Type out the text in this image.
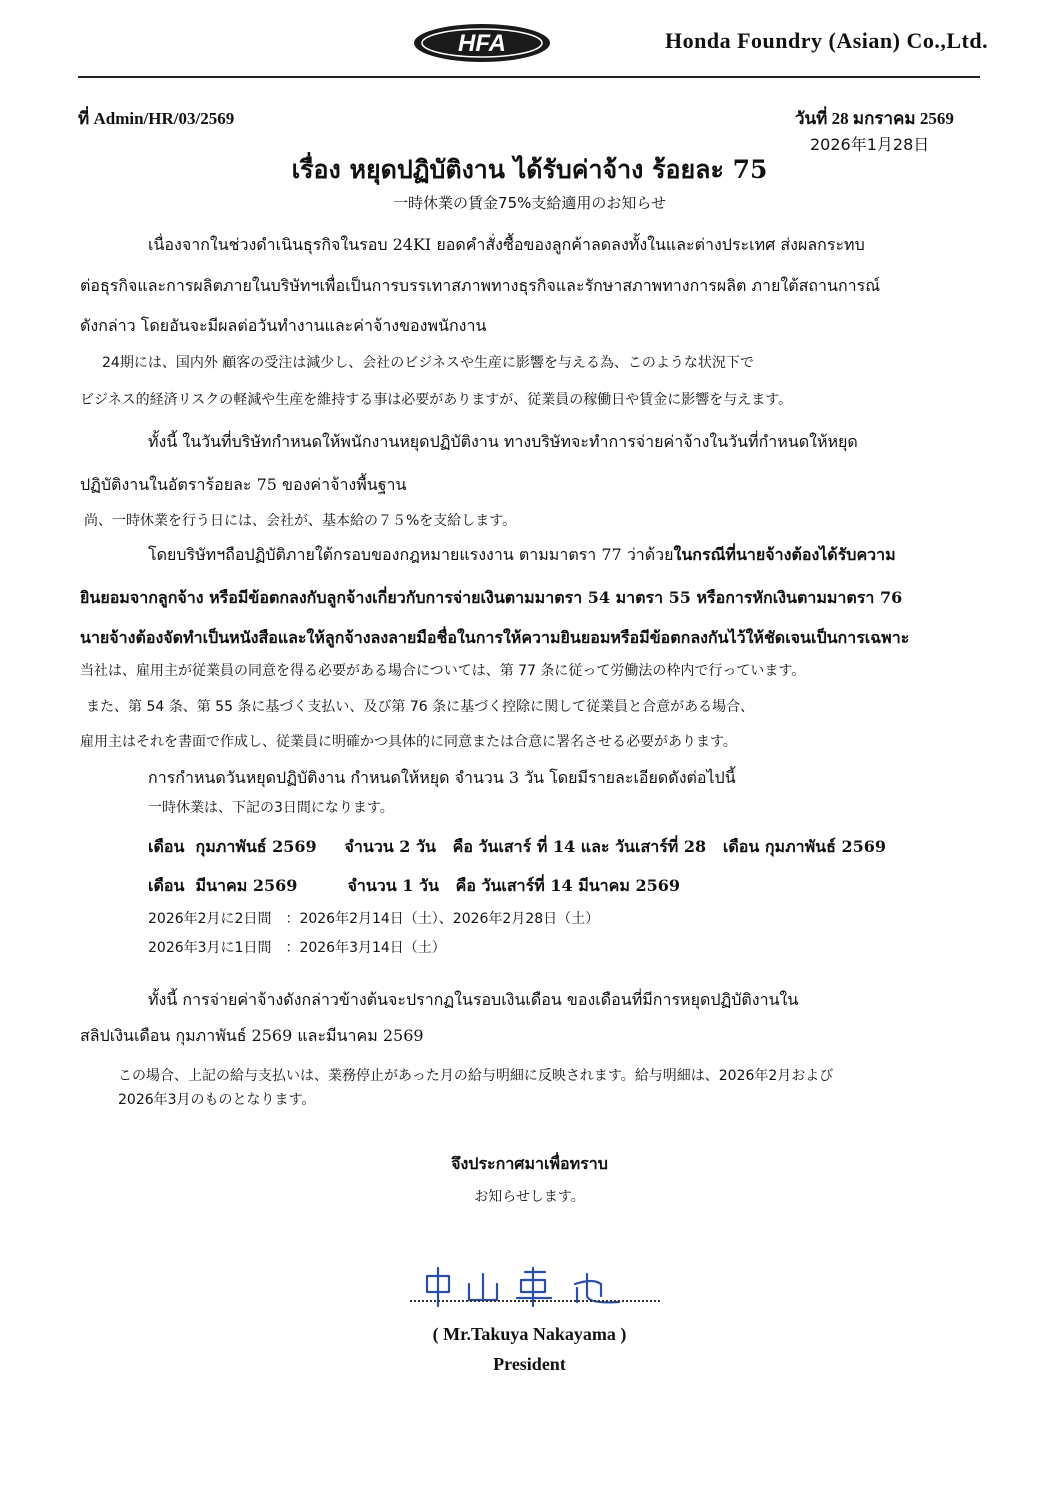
HFA	Honda Foundry (Asian) Co.,Ltd.
ที่ Admin/HR/03/2569	วันที่ 28 มกราคม 2569
2026年1月28日
เรื่อง หยุดปฏิบัติงาน ได้รับค่าจ้าง ร้อยละ 75
一時休業の賃金75%支給適用のお知らせ
เนื่องจากในช่วงดำเนินธุรกิจในรอบ 24KI ยอดคำสั่งซื้อของลูกค้าลดลงทั้งในและต่างประเทศ ส่งผลกระทบ
ต่อธุรกิจและการผลิตภายในบริษัทฯเพื่อเป็นการบรรเทาสภาพทางธุรกิจและรักษาสภาพทางการผลิต ภายใต้สถานการณ์
ดังกล่าว โดยอันจะมีผลต่อวันทำงานและค่าจ้างของพนักงาน
24期には、国内外 顧客の受注は減少し、会社のビジネスや生産に影響を与える為、このような状況下で
ビジネス的経済リスクの軽減や生産を維持する事は必要がありますが、従業員の稼働日や賃金に影響を与えます。
ทั้งนี้ ในวันที่บริษัทกำหนดให้พนักงานหยุดปฏิบัติงาน ทางบริษัทจะทำการจ่ายค่าจ้างในวันที่กำหนดให้หยุด
ปฏิบัติงานในอัตราร้อยละ 75 ของค่าจ้างพื้นฐาน
尚、一時休業を行う日には、会社が、基本給の７５%を支給します。
โดยบริษัทฯถือปฏิบัติภายใต้กรอบของกฎหมายแรงงาน ตามมาตรา 77 ว่าด้วยในกรณีที่นายจ้างต้องได้รับความ
ยินยอมจากลูกจ้าง หรือมีข้อตกลงกับลูกจ้างเกี่ยวกับการจ่ายเงินตามมาตรา 54 มาตรา 55 หรือการหักเงินตามมาตรา 76
นายจ้างต้องจัดทำเป็นหนังสือและให้ลูกจ้างลงลายมือชื่อในการให้ความยินยอมหรือมีข้อตกลงกันไว้ให้ชัดเจนเป็นการเฉพาะ
当社は、雇用主が従業員の同意を得る必要がある場合については、第 77 条に従って労働法の枠内で行っています。
また、第 54 条、第 55 条に基づく支払い、及び第 76 条に基づく控除に関して従業員と合意がある場合、
雇用主はそれを書面で作成し、従業員に明確かつ具体的に同意または合意に署名させる必要があります。
การกำหนดวันหยุดปฏิบัติงาน กำหนดให้หยุด จำนวน 3 วัน โดยมีรายละเอียดดังต่อไปนี้
一時休業は、下記の3日間になります。
เดือน  กุมภาพันธ์ 2569     จำนวน 2 วัน   คือ วันเสาร์ ที่ 14 และ วันเสาร์ที่ 28   เดือน กุมภาพันธ์ 2569
เดือน  มีนาคม 2569         จำนวน 1 วัน   คือ วันเสาร์ที่ 14 มีนาคม 2569
2026年2月に2日間　：2026年2月14日（土）、2026年2月28日（土）
2026年3月に1日間　：2026年3月14日（土）
ทั้งนี้ การจ่ายค่าจ้างดังกล่าวข้างต้นจะปรากฏในรอบเงินเดือน ของเดือนที่มีการหยุดปฏิบัติงานใน
สลิปเงินเดือน กุมภาพันธ์ 2569 และมีนาคม 2569
この場合、上記の給与支払いは、業務停止があった月の給与明細に反映されます。給与明細は、2026年2月および
2026年3月のものとなります。
จึงประกาศมาเพื่อทราบ
お知らせします。
( Mr.Takuya Nakayama )
President
